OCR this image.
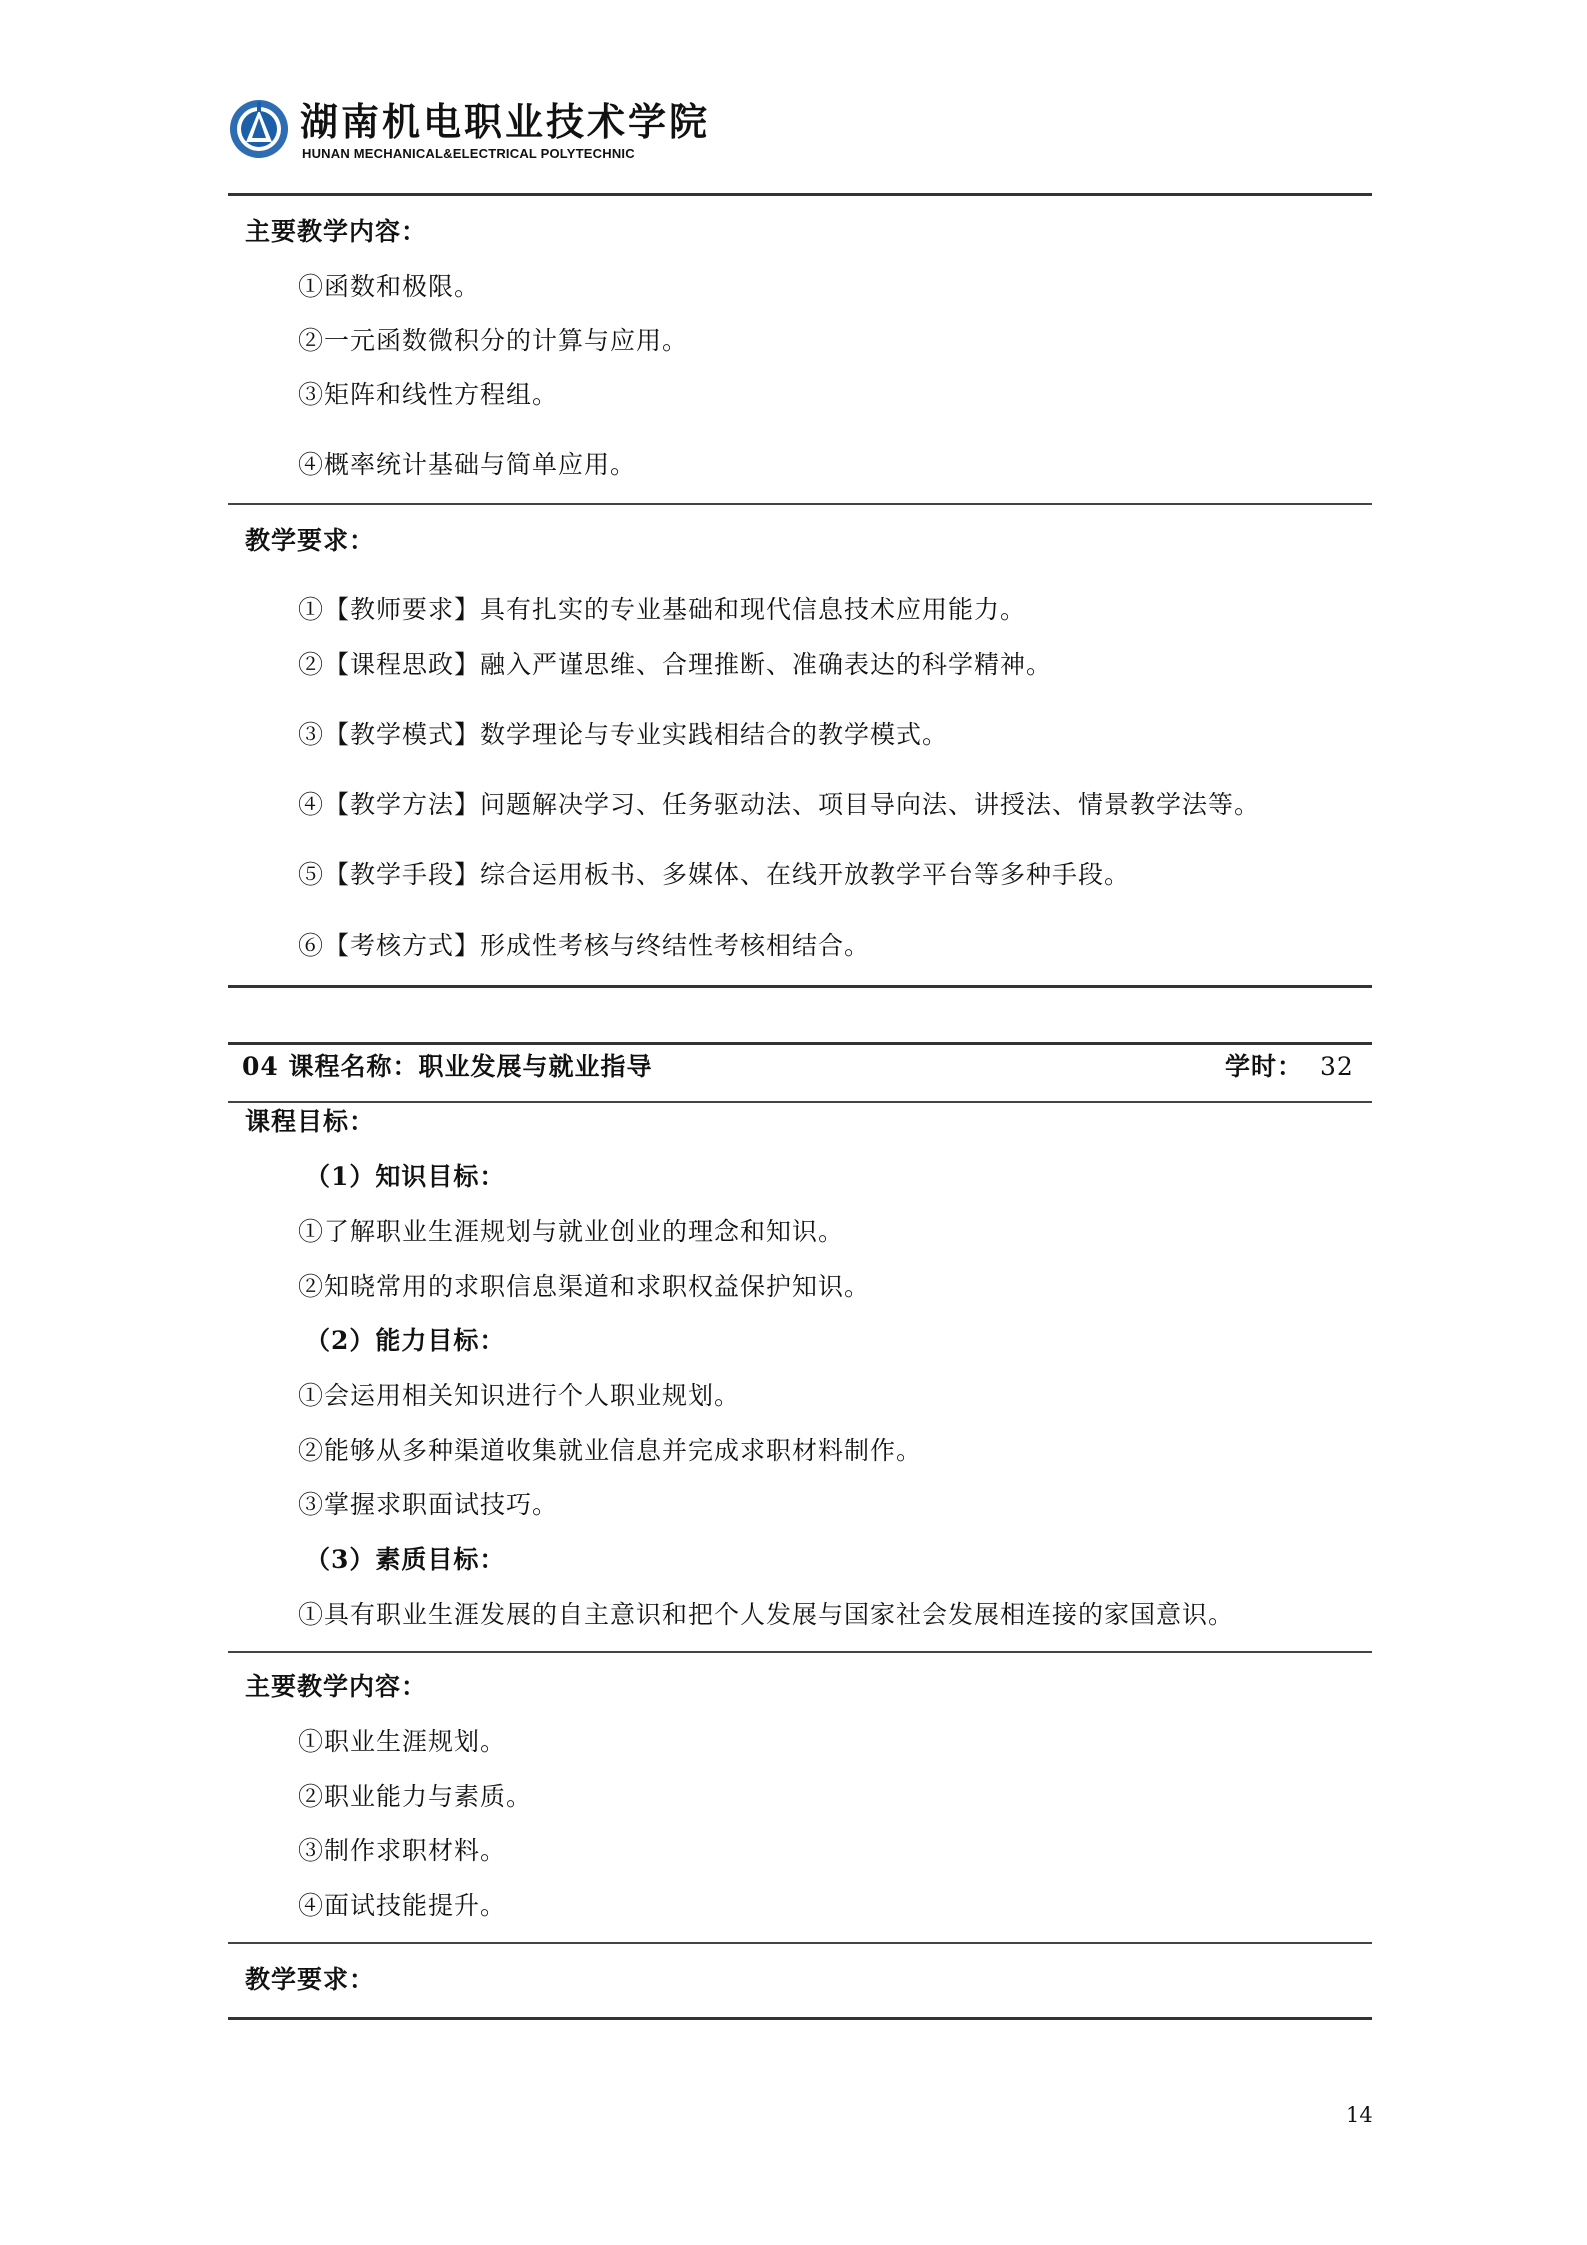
湖南机电职业技术学院
HUNAN MECHANICAL&ELECTRICAL POLYTECHNIC
主要教学内容：
①函数和极限。
②一元函数微积分的计算与应用。
③矩阵和线性方程组。
④概率统计基础与简单应用。
教学要求：
①【教师要求】具有扎实的专业基础和现代信息技术应用能力。
②【课程思政】融入严谨思维、合理推断、准确表达的科学精神。
③【教学模式】数学理论与专业实践相结合的教学模式。
④【教学方法】问题解决学习、任务驱动法、项目导向法、讲授法、情景教学法等。
⑤【教学手段】综合运用板书、多媒体、在线开放教学平台等多种手段。
⑥【考核方式】形成性考核与终结性考核相结合。
04 课程名称：职业发展与就业指导	学时： 32
课程目标：
（1）知识目标：
①了解职业生涯规划与就业创业的理念和知识。
②知晓常用的求职信息渠道和求职权益保护知识。
（2）能力目标：
①会运用相关知识进行个人职业规划。
②能够从多种渠道收集就业信息并完成求职材料制作。
③掌握求职面试技巧。
（3）素质目标：
①具有职业生涯发展的自主意识和把个人发展与国家社会发展相连接的家国意识。
主要教学内容：
①职业生涯规划。
②职业能力与素质。
③制作求职材料。
④面试技能提升。
教学要求：
14
